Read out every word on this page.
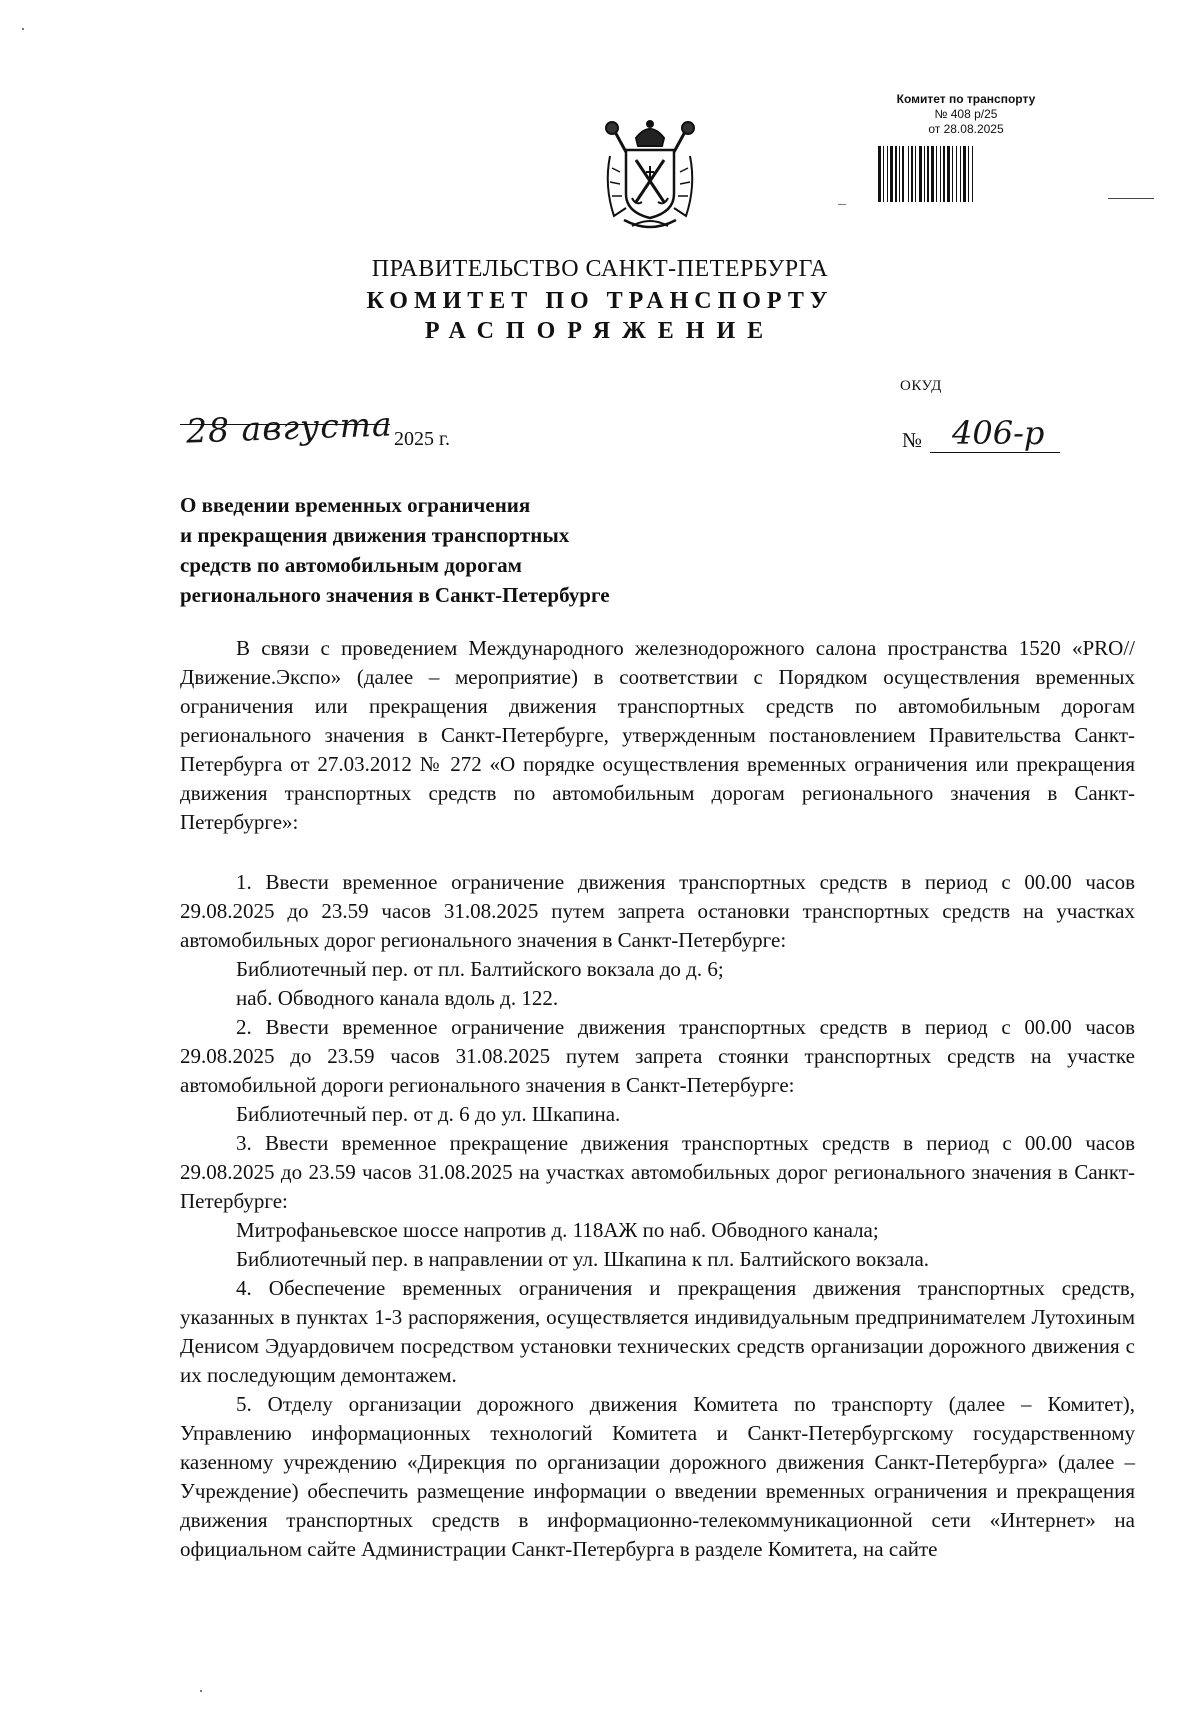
Комитет по транспорту
№ 408 р/25
от 28.08.2025
ПРАВИТЕЛЬСТВО САНКТ-ПЕТЕРБУРГА
КОМИТЕТ ПО ТРАНСПОРТУ
РАСПОРЯЖЕНИЕ
ОКУД
28 августа 2025 г.	№ 406-р
О введении временных ограничения
и прекращения движения транспортных
средств по автомобильным дорогам
регионального значения в Санкт-Петербурге

В связи с проведением Международного железнодорожного салона пространства 1520 «PRO//Движение.Экспо» (далее – мероприятие) в соответствии с Порядком осуществления временных ограничения или прекращения движения транспортных средств по автомобильным дорогам регионального значения в Санкт-Петербурге, утвержденным постановлением Правительства Санкт-Петербурга от 27.03.2012 № 272 «О порядке осуществления временных ограничения или прекращения движения транспортных средств по автомобильным дорогам регионального значения в Санкт-Петербурге»:

1. Ввести временное ограничение движения транспортных средств в период с 00.00 часов 29.08.2025 до 23.59 часов 31.08.2025 путем запрета остановки транспортных средств на участках автомобильных дорог регионального значения в Санкт-Петербурге:

Библиотечный пер. от пл. Балтийского вокзала до д. 6;

наб. Обводного канала вдоль д. 122.

2. Ввести временное ограничение движения транспортных средств в период с 00.00 часов 29.08.2025 до 23.59 часов 31.08.2025 путем запрета стоянки транспортных средств на участке автомобильной дороги регионального значения в Санкт-Петербурге:

Библиотечный пер. от д. 6 до ул. Шкапина.

3. Ввести временное прекращение движения транспортных средств в период с 00.00 часов 29.08.2025 до 23.59 часов 31.08.2025 на участках автомобильных дорог регионального значения в Санкт-Петербурге:

Митрофаньевское шоссе напротив д. 118АЖ по наб. Обводного канала;

Библиотечный пер. в направлении от ул. Шкапина к пл. Балтийского вокзала.

4. Обеспечение временных ограничения и прекращения движения транспортных средств, указанных в пунктах 1-3 распоряжения, осуществляется индивидуальным предпринимателем Лутохиным Денисом Эдуардовичем посредством установки технических средств организации дорожного движения с их последующим демонтажем.

5. Отделу организации дорожного движения Комитета по транспорту (далее – Комитет), Управлению информационных технологий Комитета и Санкт-Петербургскому государственному казенному учреждению «Дирекция по организации дорожного движения Санкт-Петербурга» (далее – Учреждение) обеспечить размещение информации о введении временных ограничения и прекращения движения транспортных средств в информационно-телекоммуникационной сети «Интернет» на официальном сайте Администрации Санкт-Петербурга в разделе Комитета, на сайте
